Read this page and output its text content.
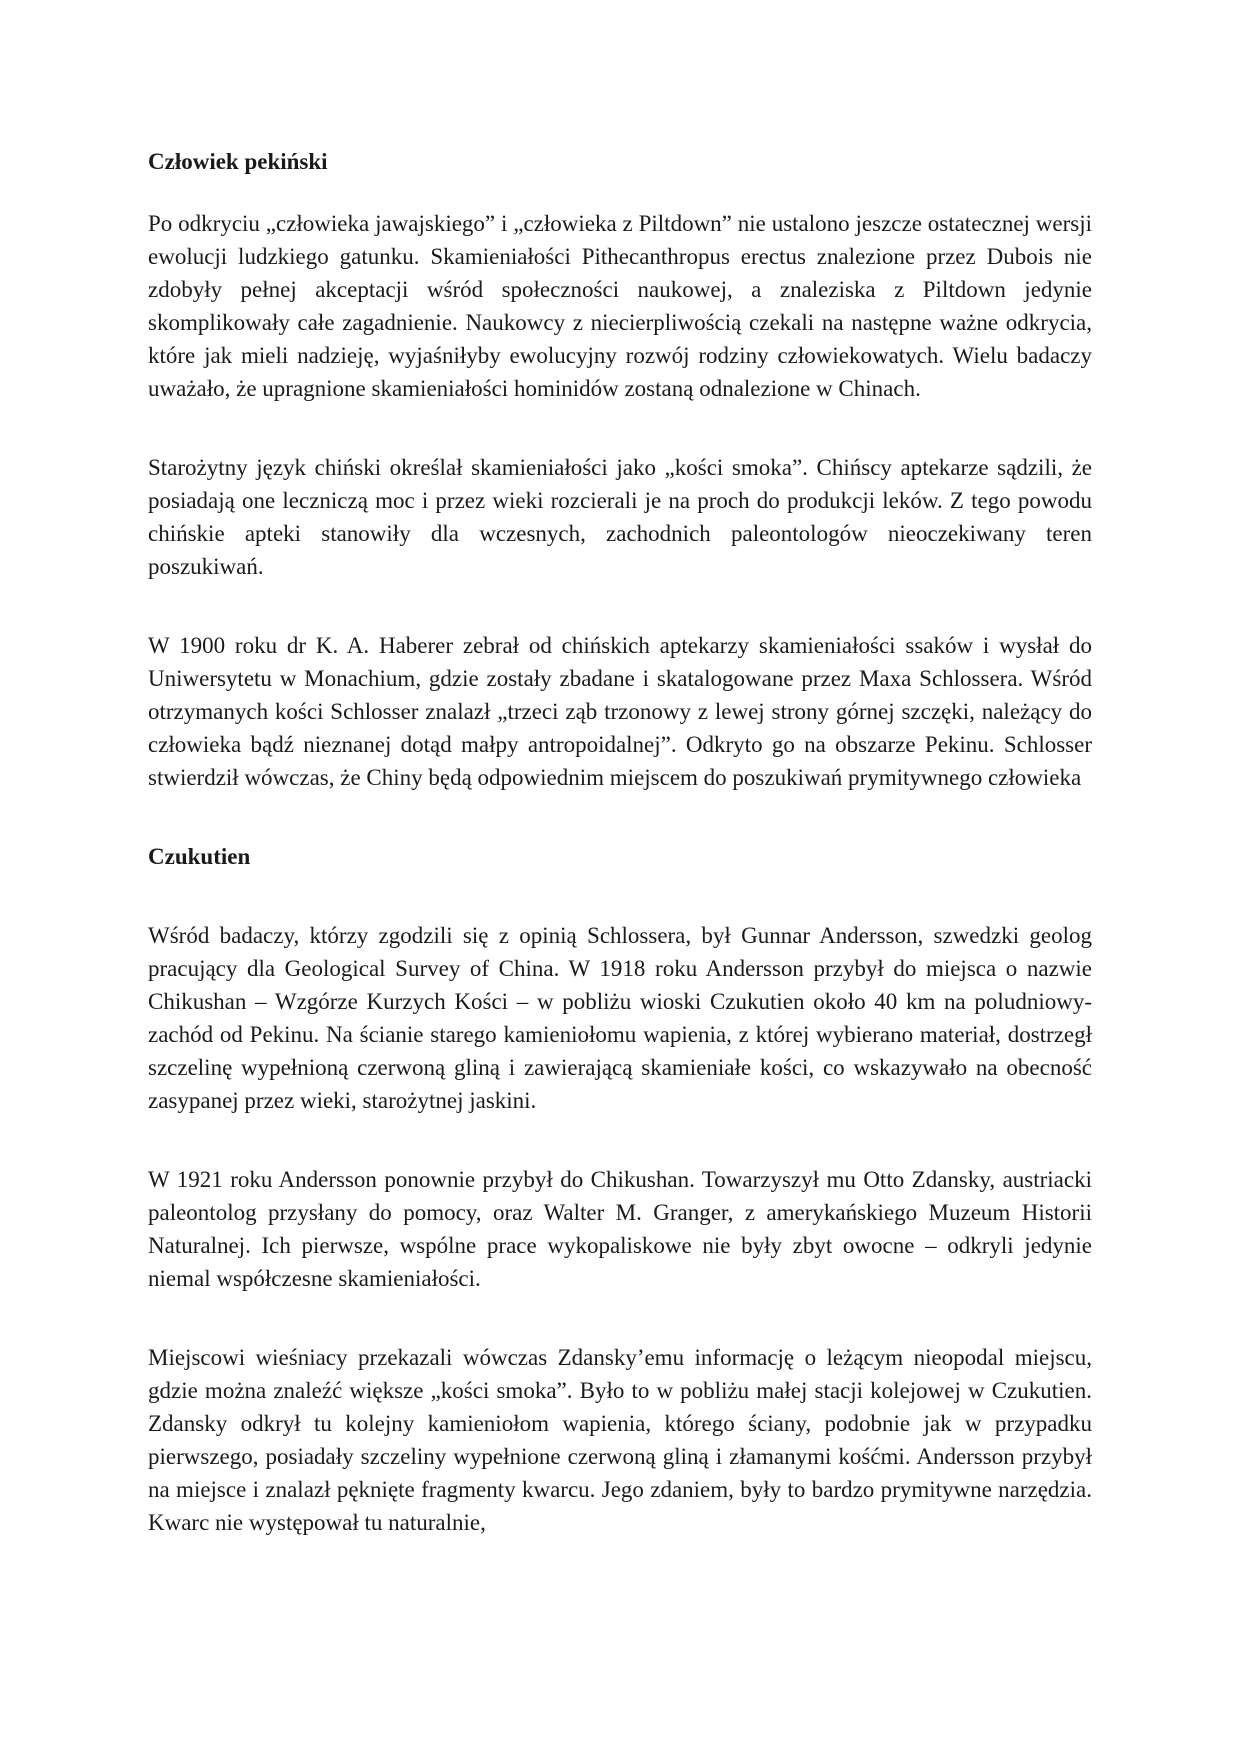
Człowiek pekiński

Po odkryciu „człowieka jawajskiego” i „człowieka z Piltdown” nie ustalono jeszcze ostatecznej wersji ewolucji ludzkiego gatunku. Skamieniałości Pithecanthropus erectus znalezione przez Dubois nie zdobyły pełnej akceptacji wśród społeczności naukowej, a znaleziska z Piltdown jedynie skomplikowały całe zagadnienie. Naukowcy z niecierpliwością czekali na następne ważne odkrycia, które jak mieli nadzieję, wyjaśniłyby ewolucyjny rozwój rodziny człowiekowatych. Wielu badaczy uważało, że upragnione skamieniałości hominidów zostaną odnalezione w Chinach.

Starożytny język chiński określał skamieniałości jako „kości smoka”. Chińscy aptekarze sądzili, że posiadają one leczniczą moc i przez wieki rozcierali je na proch do produkcji leków. Z tego powodu chińskie apteki stanowiły dla wczesnych, zachodnich paleontologów nieoczekiwany teren poszukiwań.

W 1900 roku dr K. A. Haberer zebrał od chińskich aptekarzy skamieniałości ssaków i wysłał do Uniwersytetu w Monachium, gdzie zostały zbadane i skatalogowane przez Maxa Schlossera. Wśród otrzymanych kości Schlosser znalazł „trzeci ząb trzonowy z lewej strony górnej szczęki, należący do człowieka bądź nieznanej dotąd małpy antropoidalnej”. Odkryto go na obszarze Pekinu. Schlosser stwierdził wówczas, że Chiny będą odpowiednim miejscem do poszukiwań prymitywnego człowieka

Czukutien

Wśród badaczy, którzy zgodzili się z opinią Schlossera, był Gunnar Andersson, szwedzki geolog pracujący dla Geological Survey of China. W 1918 roku Andersson przybył do miejsca o nazwie Chikushan – Wzgórze Kurzych Kości – w pobliżu wioski Czukutien około 40 km na poludniowy-zachód od Pekinu. Na ścianie starego kamieniołomu wapienia, z której wybierano materiał, dostrzegł szczelinę wypełnioną czerwoną gliną i zawierającą skamieniałe kości, co wskazywało na obecność zasypanej przez wieki, starożytnej jaskini.

W 1921 roku Andersson ponownie przybył do Chikushan. Towarzyszył mu Otto Zdansky, austriacki paleontolog przysłany do pomocy, oraz Walter M. Granger, z amerykańskiego Muzeum Historii Naturalnej. Ich pierwsze, wspólne prace wykopaliskowe nie były zbyt owocne – odkryli jedynie niemal współczesne skamieniałości.

Miejscowi wieśniacy przekazali wówczas Zdansky’emu informację o leżącym nieopodal miejscu, gdzie można znaleźć większe „kości smoka”. Było to w pobliżu małej stacji kolejowej w Czukutien. Zdansky odkrył tu kolejny kamieniołom wapienia, którego ściany, podobnie jak w przypadku pierwszego, posiadały szczeliny wypełnione czerwoną gliną i złamanymi kośćmi. Andersson przybył na miejsce i znalazł pęknięte fragmenty kwarcu. Jego zdaniem, były to bardzo prymitywne narzędzia. Kwarc nie występował tu naturalnie,
